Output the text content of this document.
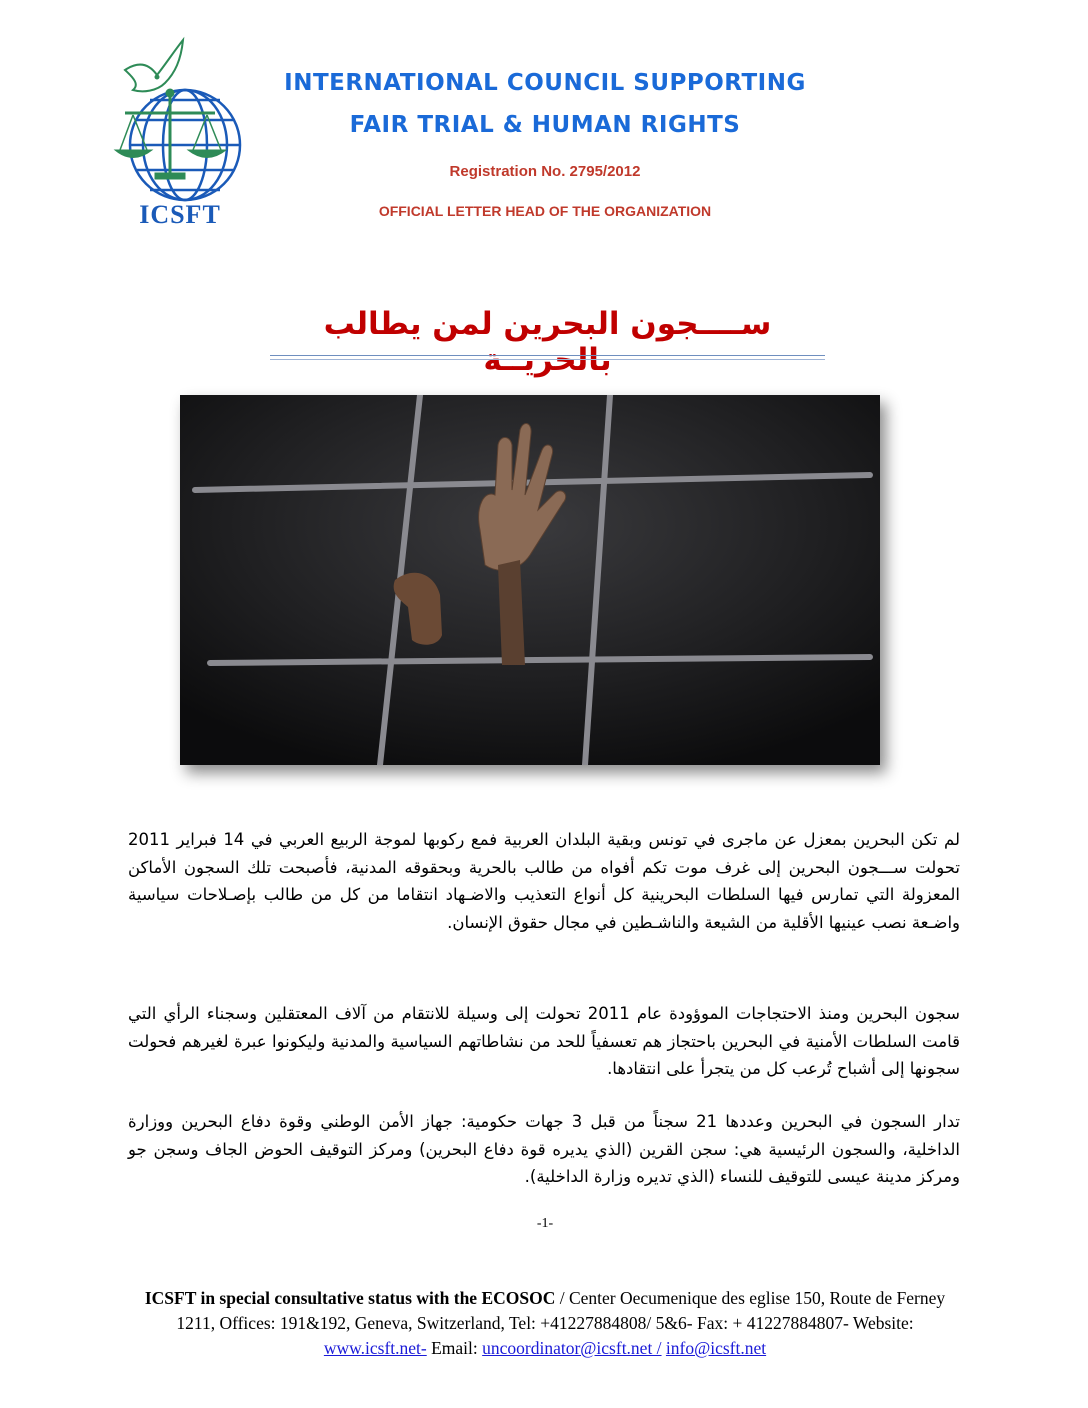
ICSFT
INTERNATIONAL COUNCIL SUPPORTING
FAIR TRIAL & HUMAN RIGHTS
Registration No. 2795/2012
OFFICIAL LETTER HEAD OF THE ORGANIZATION
ســــجون البحرين لمن يطالب بالحريــة
لم تكن البحرين بمعزل عن ماجرى في تونس وبقية البلدان العربية فمع ركوبها لموجة الربيع العربي في 14 فبراير 2011 تحولت ســـجون البحرين إلى غرف موت تكم أفواه من طالب بالحرية وبحقوقه المدنية، فأصبحت تلك السجون الأماكن المعزولة التي تمارس فيها السلطات البحرينية كل أنواع التعذيب والاضـهاد انتقاما من كل من طالب بإصـلاحات سياسية واضـعة نصب عينيها الأقلية من الشيعة والناشـطين في مجال حقوق الإنسان.
سجون البحرين ومنذ الاحتجاجات الموؤودة عام 2011 تحولت إلى وسيلة للانتقام من آلاف المعتقلين وسجناء الرأي التي قامت السلطات الأمنية في البحرين باحتجاز هم تعسفياً للحد من نشاطاتهم السياسية والمدنية وليكونوا عبرة لغيرهم فحولت سجونها إلى أشباح تُرعب كل من يتجرأ على انتقادها.
تدار السجون في البحرين وعددها 21 سجناً من قبل 3 جهات حكومية: جهاز الأمن الوطني وقوة دفاع البحرين ووزارة الداخلية، والسجون الرئيسية هي: سجن القرين (الذي يديره قوة دفاع البحرين) ومركز التوقيف الحوض الجاف وسجن جو ومركز مدينة عيسى للتوقيف للنساء (الذي تديره وزارة الداخلية).
-1-
ICSFT in special consultative status with the ECOSOC / Center Oecumenique des eglise 150, Route de Ferney 1211, Offices: 191&192, Geneva, Switzerland, Tel: +41227884808/ 5&6- Fax: + 41227884807- Website: www.icsft.net- Email: uncoordinator@icsft.net / info@icsft.net
